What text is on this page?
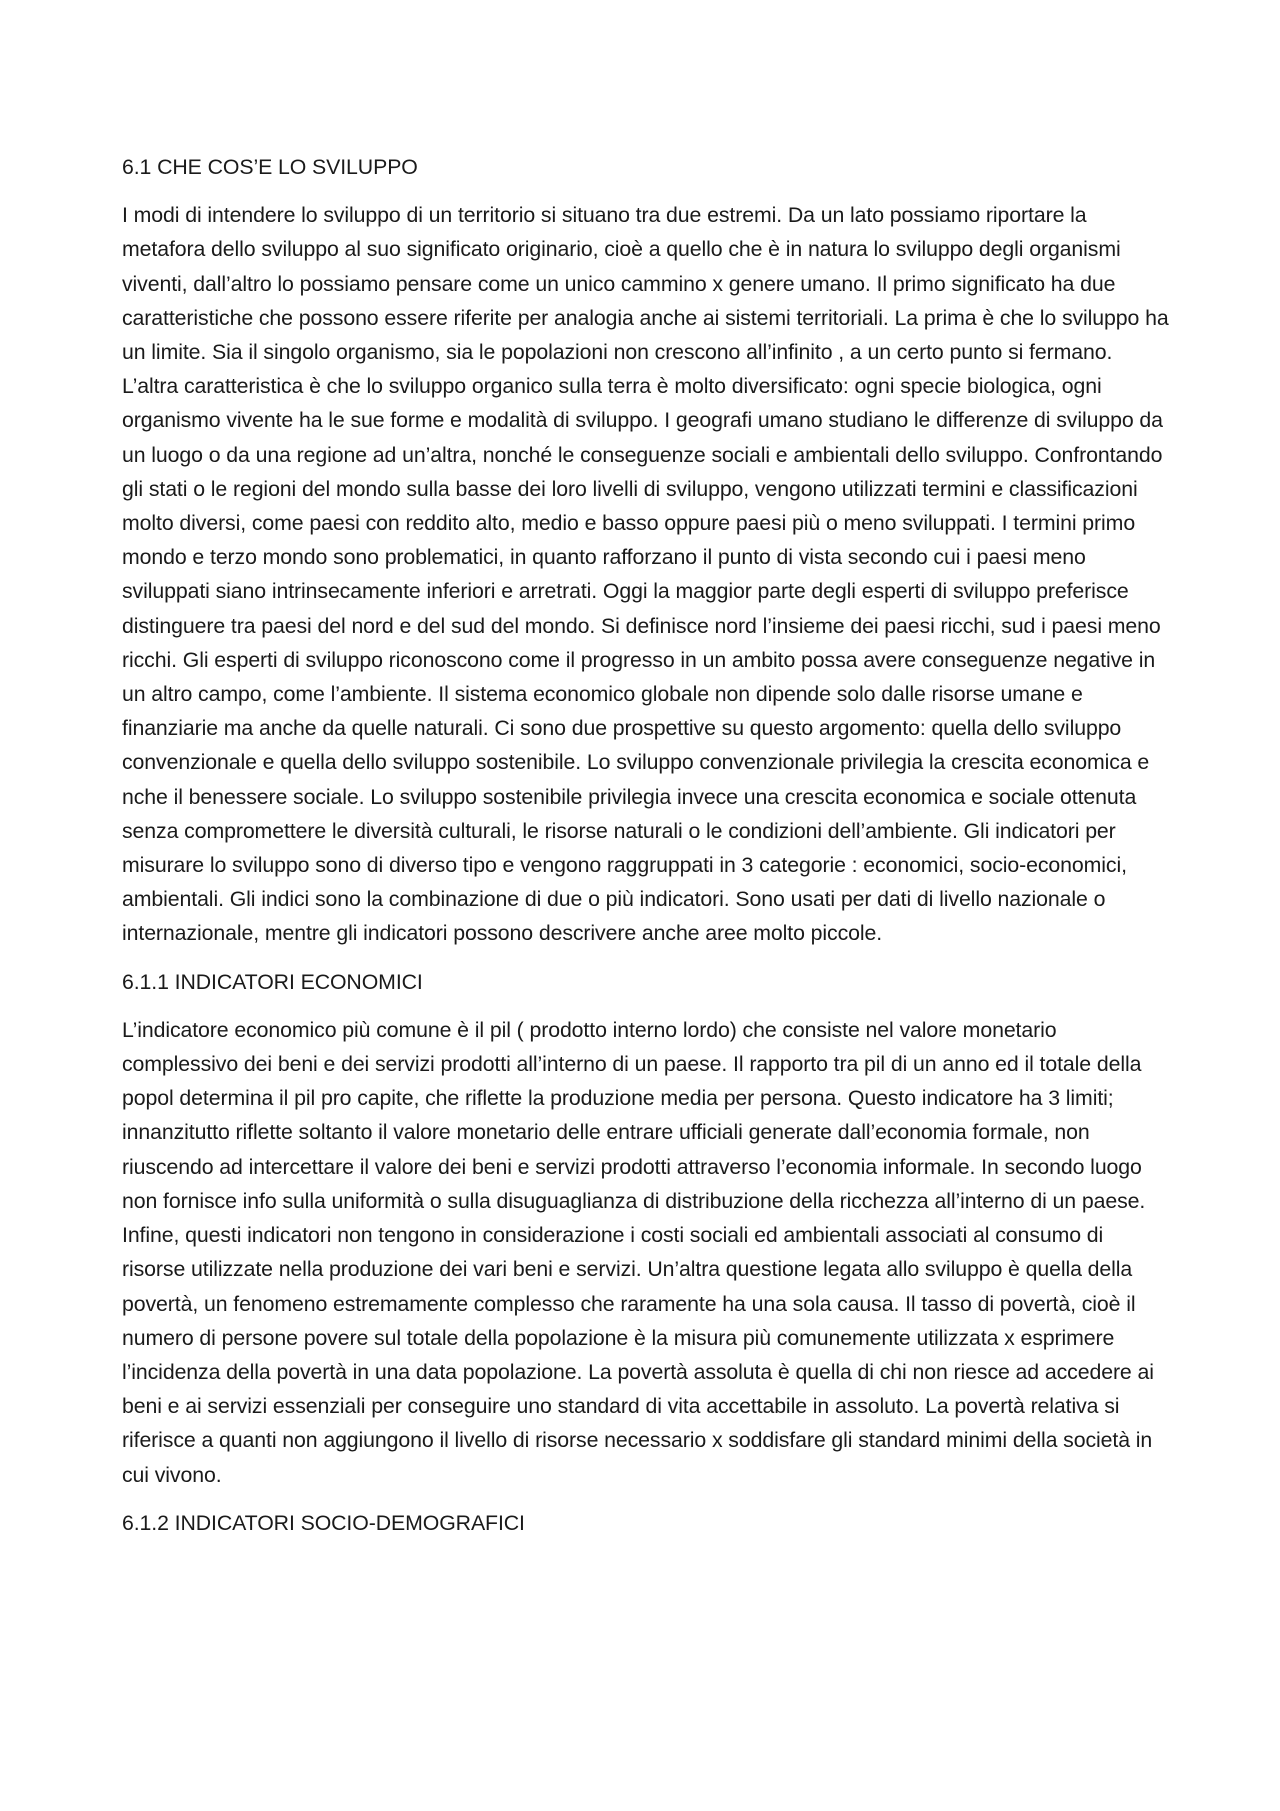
6.1 CHE COS’E LO SVILUPPO

I modi di intendere lo sviluppo di un territorio si situano tra due estremi. Da un lato possiamo riportare la metafora dello sviluppo al suo significato originario, cioè a quello che è in natura lo sviluppo degli organismi viventi, dall’altro lo possiamo pensare come un unico cammino x genere umano. Il primo significato ha due caratteristiche che possono essere riferite per analogia anche ai sistemi territoriali. La prima è che lo sviluppo ha un limite. Sia il singolo organismo, sia le popolazioni non crescono all’infinito , a un certo punto si fermano. L’altra caratteristica è che lo sviluppo organico sulla terra è molto diversificato: ogni specie biologica, ogni organismo vivente ha le sue forme e modalità di sviluppo. I geografi umano studiano le differenze di sviluppo da un luogo o da una regione ad un’altra, nonché le conseguenze sociali e ambientali dello sviluppo. Confrontando gli stati o le regioni del mondo sulla basse dei loro livelli di sviluppo, vengono utilizzati termini e classificazioni molto diversi, come paesi con reddito alto, medio e basso oppure paesi più o meno sviluppati. I termini primo mondo e terzo mondo sono problematici, in quanto rafforzano il punto di vista secondo cui i paesi meno sviluppati siano intrinsecamente inferiori e arretrati. Oggi la maggior parte degli esperti di sviluppo preferisce distinguere tra paesi del nord e del sud del mondo. Si definisce nord l’insieme dei paesi ricchi, sud i paesi meno ricchi. Gli esperti di sviluppo riconoscono come il progresso in un ambito possa avere conseguenze negative in un altro campo, come l’ambiente. Il sistema economico globale non dipende solo dalle risorse umane e finanziarie ma anche da quelle naturali. Ci sono due prospettive su questo argomento: quella dello sviluppo convenzionale e quella dello sviluppo sostenibile. Lo sviluppo convenzionale privilegia la crescita economica e nche il benessere sociale. Lo sviluppo sostenibile privilegia invece una crescita economica e sociale ottenuta senza compromettere le diversità culturali, le risorse naturali o le condizioni dell’ambiente. Gli indicatori per misurare lo sviluppo sono di diverso tipo e vengono raggruppati in 3 categorie : economici, socio-economici, ambientali. Gli indici sono la combinazione di due o più indicatori. Sono usati per dati di livello nazionale o internazionale, mentre gli indicatori possono descrivere anche aree molto piccole.

6.1.1 INDICATORI ECONOMICI

L’indicatore economico più comune è il pil ( prodotto interno lordo) che consiste nel valore monetario complessivo dei beni e dei servizi prodotti all’interno di un paese. Il rapporto tra pil di un anno ed il totale della popol determina il pil pro capite, che riflette la produzione media per persona. Questo indicatore ha 3 limiti; innanzitutto riflette soltanto il valore monetario delle entrare ufficiali generate dall’economia formale, non riuscendo ad intercettare il valore dei beni e servizi prodotti attraverso l’economia informale. In secondo luogo non fornisce info sulla uniformità o sulla disuguaglianza di distribuzione della ricchezza all’interno di un paese. Infine, questi indicatori non tengono in considerazione i costi sociali ed ambientali associati al consumo di risorse utilizzate nella produzione dei vari beni e servizi. Un’altra questione legata allo sviluppo è quella della povertà, un fenomeno estremamente complesso che raramente ha una sola causa. Il tasso di povertà, cioè il numero di persone povere sul totale della popolazione è la misura più comunemente utilizzata x esprimere l’incidenza della povertà in una data popolazione. La povertà assoluta è quella di chi non riesce ad accedere ai beni e ai servizi essenziali per conseguire uno standard di vita accettabile in assoluto. La povertà relativa si riferisce a quanti non aggiungono il livello di risorse necessario x soddisfare gli standard minimi della società in cui vivono.

6.1.2 INDICATORI SOCIO-DEMOGRAFICI
